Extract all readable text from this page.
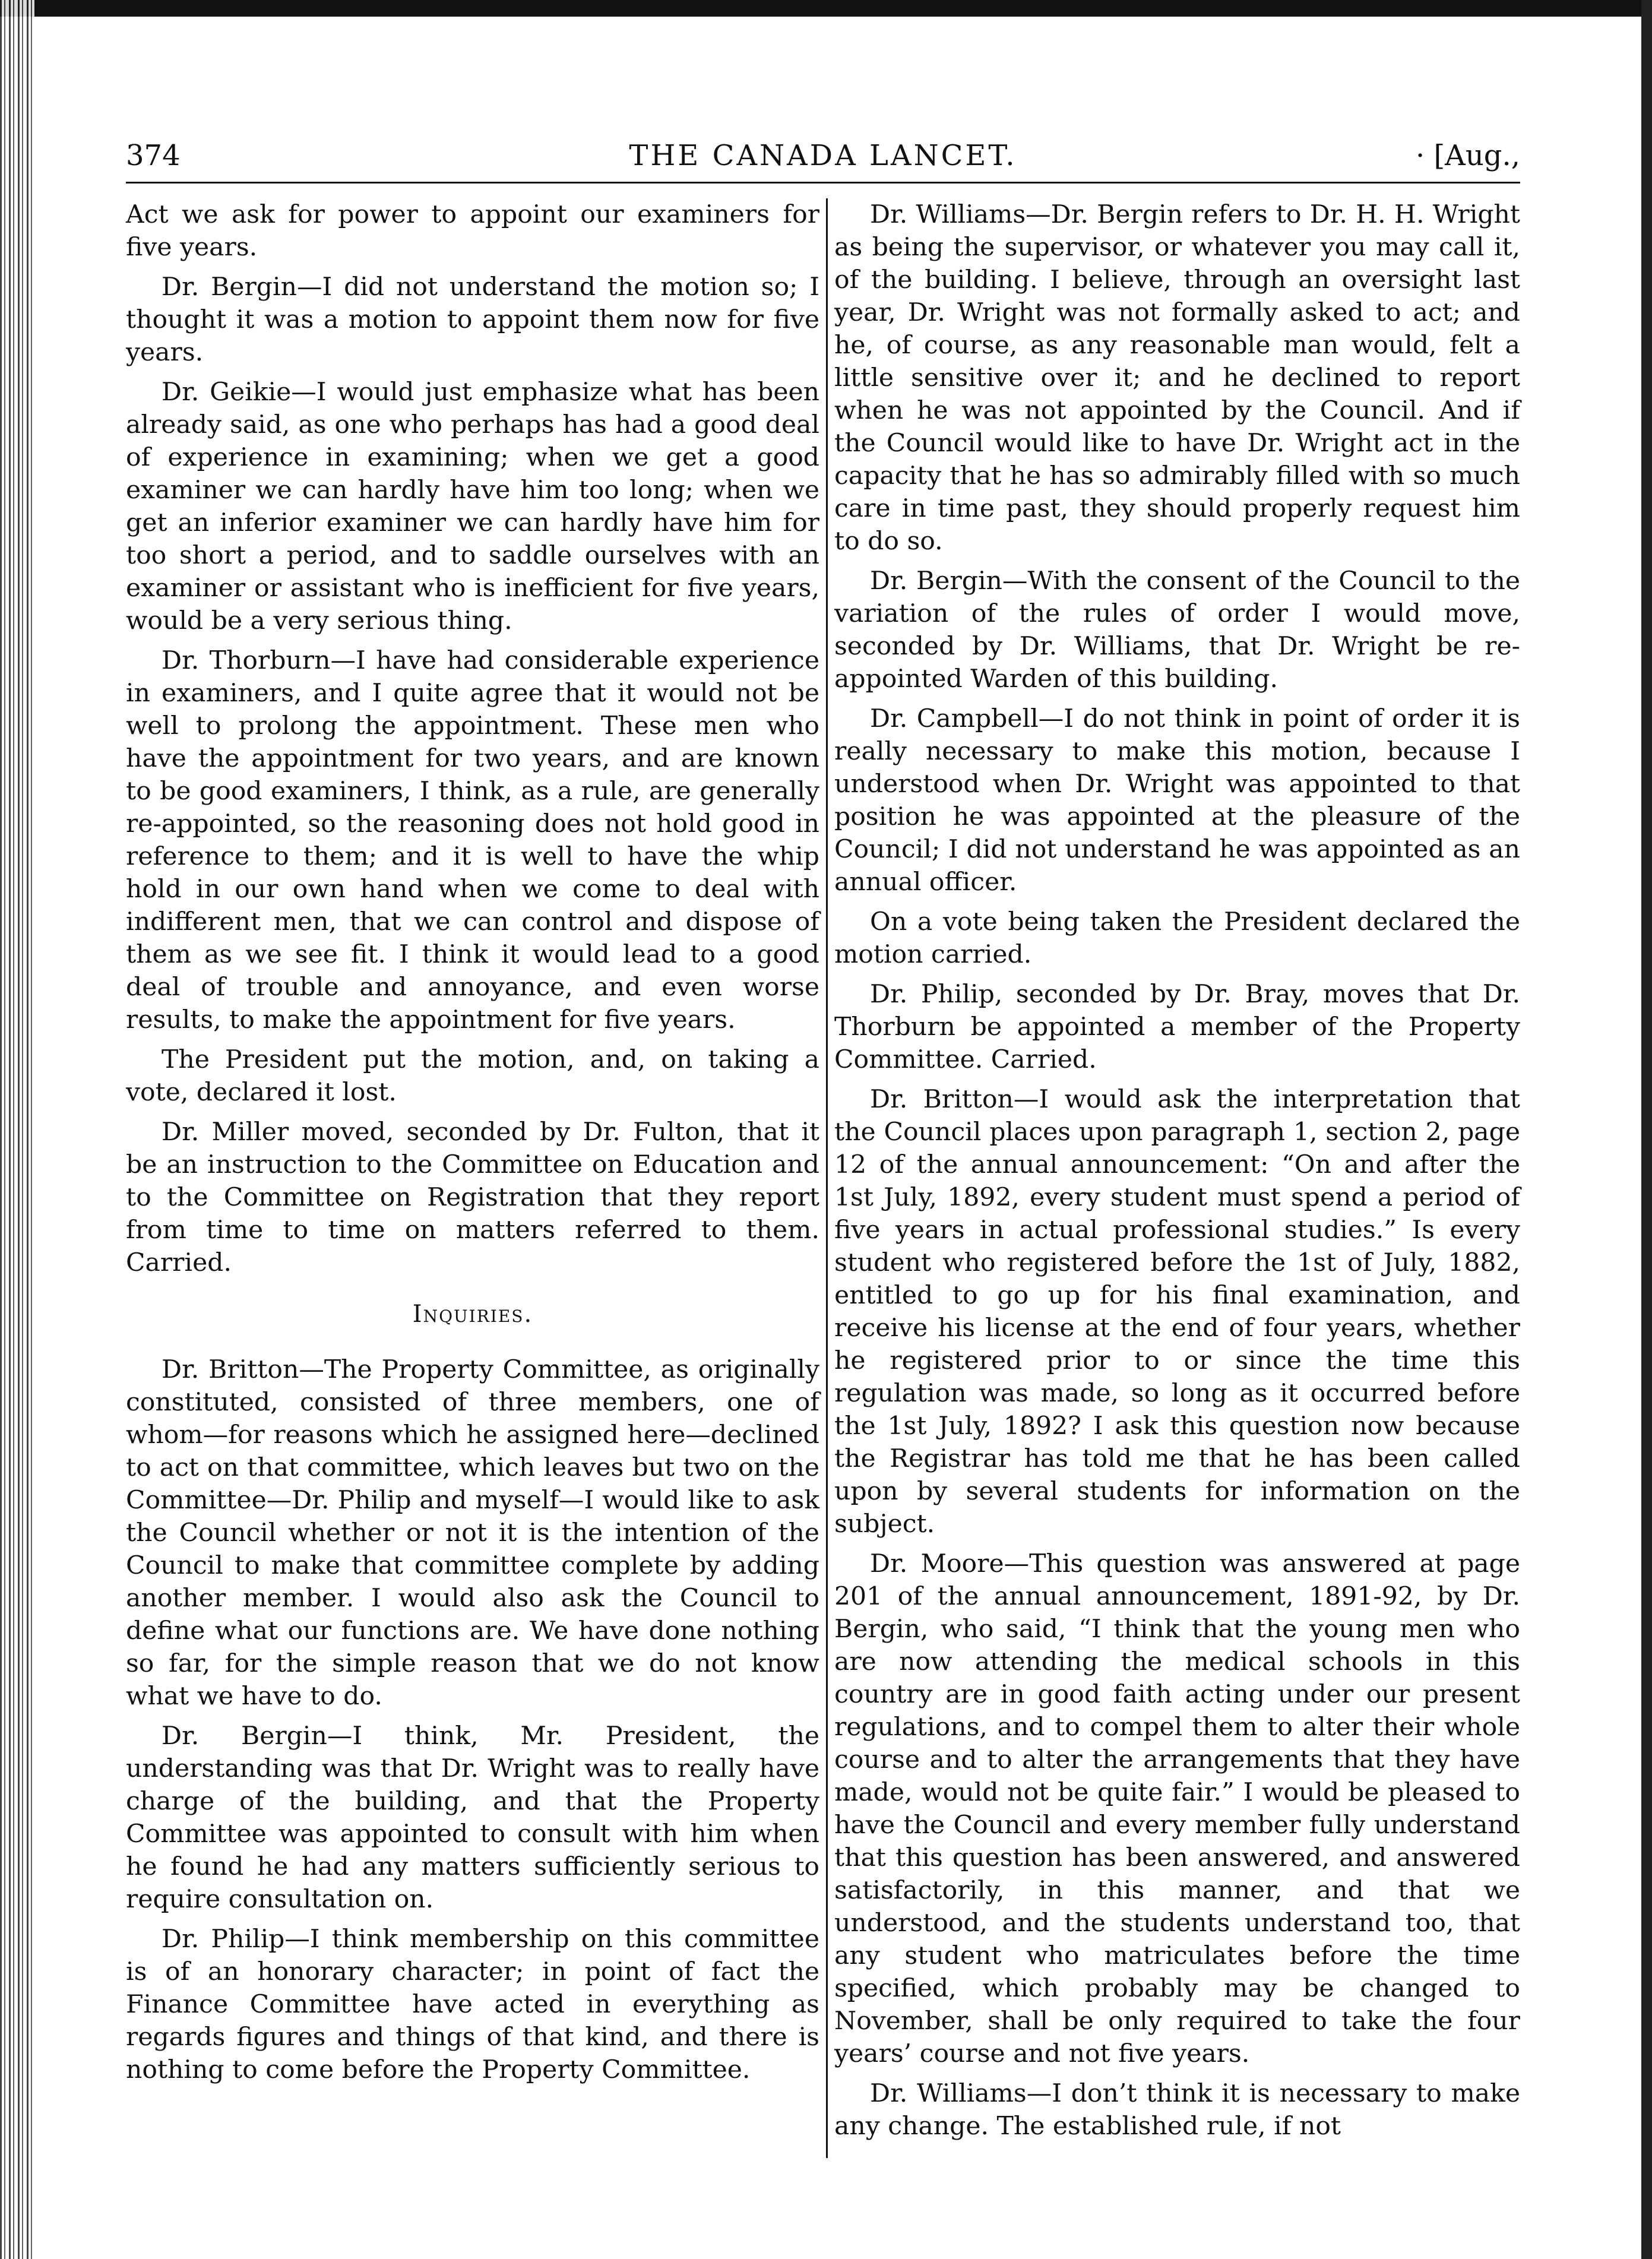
374	THE CANADA LANCET.	· [Aug.,

Act we ask for power to appoint our examiners for five years.

Dr. Bergin—I did not understand the motion so; I thought it was a motion to appoint them now for five years.

Dr. Geikie—I would just emphasize what has been already said, as one who perhaps has had a good deal of experience in examining; when we get a good examiner we can hardly have him too long; when we get an inferior examiner we can hardly have him for too short a period, and to saddle ourselves with an examiner or assistant who is inefficient for five years, would be a very serious thing.

Dr. Thorburn—I have had considerable experience in examiners, and I quite agree that it would not be well to prolong the appointment. These men who have the appointment for two years, and are known to be good examiners, I think, as a rule, are generally re-appointed, so the reasoning does not hold good in reference to them; and it is well to have the whip hold in our own hand when we come to deal with indifferent men, that we can control and dispose of them as we see fit. I think it would lead to a good deal of trouble and annoyance, and even worse results, to make the appointment for five years.

The President put the motion, and, on taking a vote, declared it lost.

Dr. Miller moved, seconded by Dr. Fulton, that it be an instruction to the Committee on Education and to the Committee on Registration that they report from time to time on matters referred to them. Carried.

Inquiries.

Dr. Britton—The Property Committee, as originally constituted, consisted of three members, one of whom—for reasons which he assigned here—declined to act on that committee, which leaves but two on the Committee—Dr. Philip and myself—I would like to ask the Council whether or not it is the intention of the Council to make that committee complete by adding another member. I would also ask the Council to define what our functions are. We have done nothing so far, for the simple reason that we do not know what we have to do.

Dr. Bergin—I think, Mr. President, the understanding was that Dr. Wright was to really have charge of the building, and that the Property Committee was appointed to consult with him when he found he had any matters sufficiently serious to require consultation on.

Dr. Philip—I think membership on this committee is of an honorary character; in point of fact the Finance Committee have acted in everything as regards figures and things of that kind, and there is nothing to come before the Property Committee.

Dr. Williams—Dr. Bergin refers to Dr. H. H. Wright as being the supervisor, or whatever you may call it, of the building. I believe, through an oversight last year, Dr. Wright was not formally asked to act; and he, of course, as any reasonable man would, felt a little sensitive over it; and he declined to report when he was not appointed by the Council. And if the Council would like to have Dr. Wright act in the capacity that he has so admirably filled with so much care in time past, they should properly request him to do so.

Dr. Bergin—With the consent of the Council to the variation of the rules of order I would move, seconded by Dr. Williams, that Dr. Wright be re-appointed Warden of this building.

Dr. Campbell—I do not think in point of order it is really necessary to make this motion, because I understood when Dr. Wright was appointed to that position he was appointed at the pleasure of the Council; I did not understand he was appointed as an annual officer.

On a vote being taken the President declared the motion carried.

Dr. Philip, seconded by Dr. Bray, moves that Dr. Thorburn be appointed a member of the Property Committee. Carried.

Dr. Britton—I would ask the interpretation that the Council places upon paragraph 1, section 2, page 12 of the annual announcement: “On and after the 1st July, 1892, every student must spend a period of five years in actual professional studies.” Is every student who registered before the 1st of July, 1882, entitled to go up for his final examination, and receive his license at the end of four years, whether he registered prior to or since the time this regulation was made, so long as it occurred before the 1st July, 1892? I ask this question now because the Registrar has told me that he has been called upon by several students for information on the subject.

Dr. Moore—This question was answered at page 201 of the annual announcement, 1891-92, by Dr. Bergin, who said, “I think that the young men who are now attending the medical schools in this country are in good faith acting under our present regulations, and to compel them to alter their whole course and to alter the arrangements that they have made, would not be quite fair.” I would be pleased to have the Council and every member fully understand that this question has been answered, and answered satisfactorily, in this manner, and that we understood, and the students understand too, that any student who matriculates before the time specified, which probably may be changed to November, shall be only required to take the four years’ course and not five years.

Dr. Williams—I don’t think it is necessary to make any change. The established rule, if not
